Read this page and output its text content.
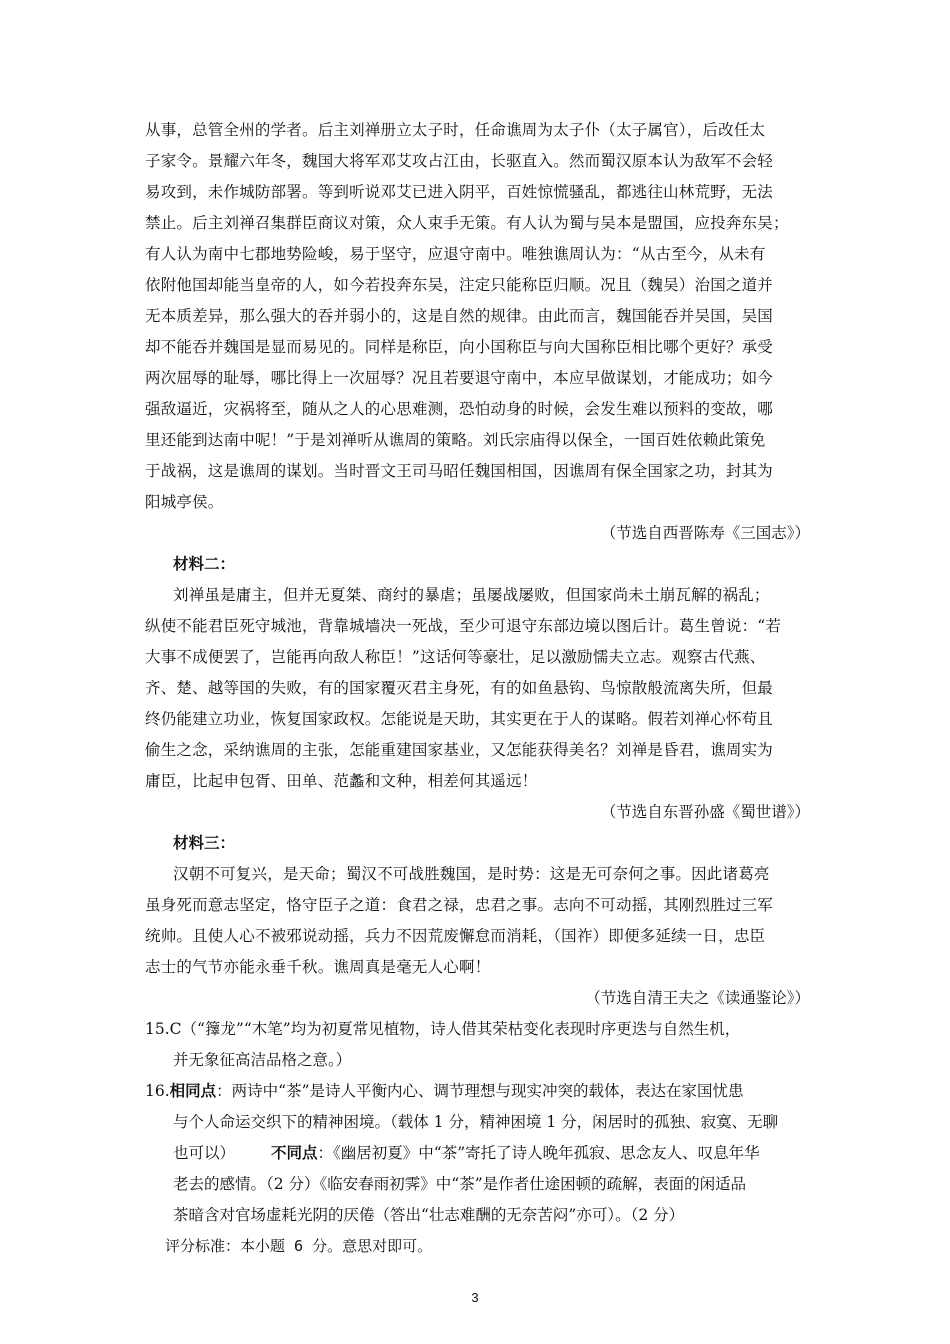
从事，总管全州的学者。后主刘禅册立太子时，任命谯周为太子仆（太子属官），后改任太
子家令。景耀六年冬，魏国大将军邓艾攻占江由，长驱直入。然而蜀汉原本认为敌军不会轻
易攻到，未作城防部署。等到听说邓艾已进入阴平，百姓惊慌骚乱，都逃往山林荒野，无法
禁止。后主刘禅召集群臣商议对策，众人束手无策。有人认为蜀与吴本是盟国，应投奔东吴；
有人认为南中七郡地势险峻，易于坚守，应退守南中。唯独谯周认为：“从古至今，从未有
依附他国却能当皇帝的人，如今若投奔东吴，注定只能称臣归顺。况且（魏吴）治国之道并
无本质差异，那么强大的吞并弱小的，这是自然的规律。由此而言，魏国能吞并吴国，吴国
却不能吞并魏国是显而易见的。同样是称臣，向小国称臣与向大国称臣相比哪个更好？承受
两次屈辱的耻辱，哪比得上一次屈辱？况且若要退守南中，本应早做谋划，才能成功；如今
强敌逼近，灾祸将至，随从之人的心思难测，恐怕动身的时候，会发生难以预料的变故，哪
里还能到达南中呢！”于是刘禅听从谯周的策略。刘氏宗庙得以保全，一国百姓依赖此策免
于战祸，这是谯周的谋划。当时晋文王司马昭任魏国相国，因谯周有保全国家之功，封其为
阳城亭侯。
（节选自西晋陈寿《三国志》）
材料二：
刘禅虽是庸主，但并无夏桀、商纣的暴虐；虽屡战屡败，但国家尚未土崩瓦解的祸乱；
纵使不能君臣死守城池，背靠城墙决一死战，至少可退守东部边境以图后计。葛生曾说：“若
大事不成便罢了，岂能再向敌人称臣！”这话何等豪壮，足以激励懦夫立志。观察古代燕、
齐、楚、越等国的失败，有的国家覆灭君主身死，有的如鱼悬钩、鸟惊散般流离失所，但最
终仍能建立功业，恢复国家政权。怎能说是天助，其实更在于人的谋略。假若刘禅心怀苟且
偷生之念，采纳谯周的主张，怎能重建国家基业，又怎能获得美名？刘禅是昏君，谯周实为
庸臣，比起申包胥、田单、范蠡和文种，相差何其遥远！
（节选自东晋孙盛《蜀世谱》）
材料三：
汉朝不可复兴，是天命；蜀汉不可战胜魏国，是时势：这是无可奈何之事。因此诸葛亮
虽身死而意志坚定，恪守臣子之道：食君之禄，忠君之事。志向不可动摇，其刚烈胜过三军
统帅。且使人心不被邪说动摇，兵力不因荒废懈怠而消耗，（国祚）即便多延续一日，忠臣
志士的气节亦能永垂千秋。谯周真是毫无人心啊！
（节选自清王夫之《读通鉴论》）
15.C（“籜龙”“木笔”均为初夏常见植物，诗人借其荣枯变化表现时序更迭与自然生机，
并无象征高洁品格之意。）
16.相同点：两诗中“茶”是诗人平衡内心、调节理想与现实冲突的载体，表达在家国忧患
与个人命运交织下的精神困境。（载体 1 分，精神困境 1 分，闲居时的孤独、寂寞、无聊
也可以） 不同点：《幽居初夏》中“茶”寄托了诗人晚年孤寂、思念友人、叹息年华
老去的感情。（2 分）《临安春雨初霁》中“茶”是作者仕途困顿的疏解，表面的闲适品
茶暗含对官场虚耗光阴的厌倦（答出“壮志难酬的无奈苦闷”亦可）。（2 分）
评分标准：本小题 6 分。意思对即可。
3
